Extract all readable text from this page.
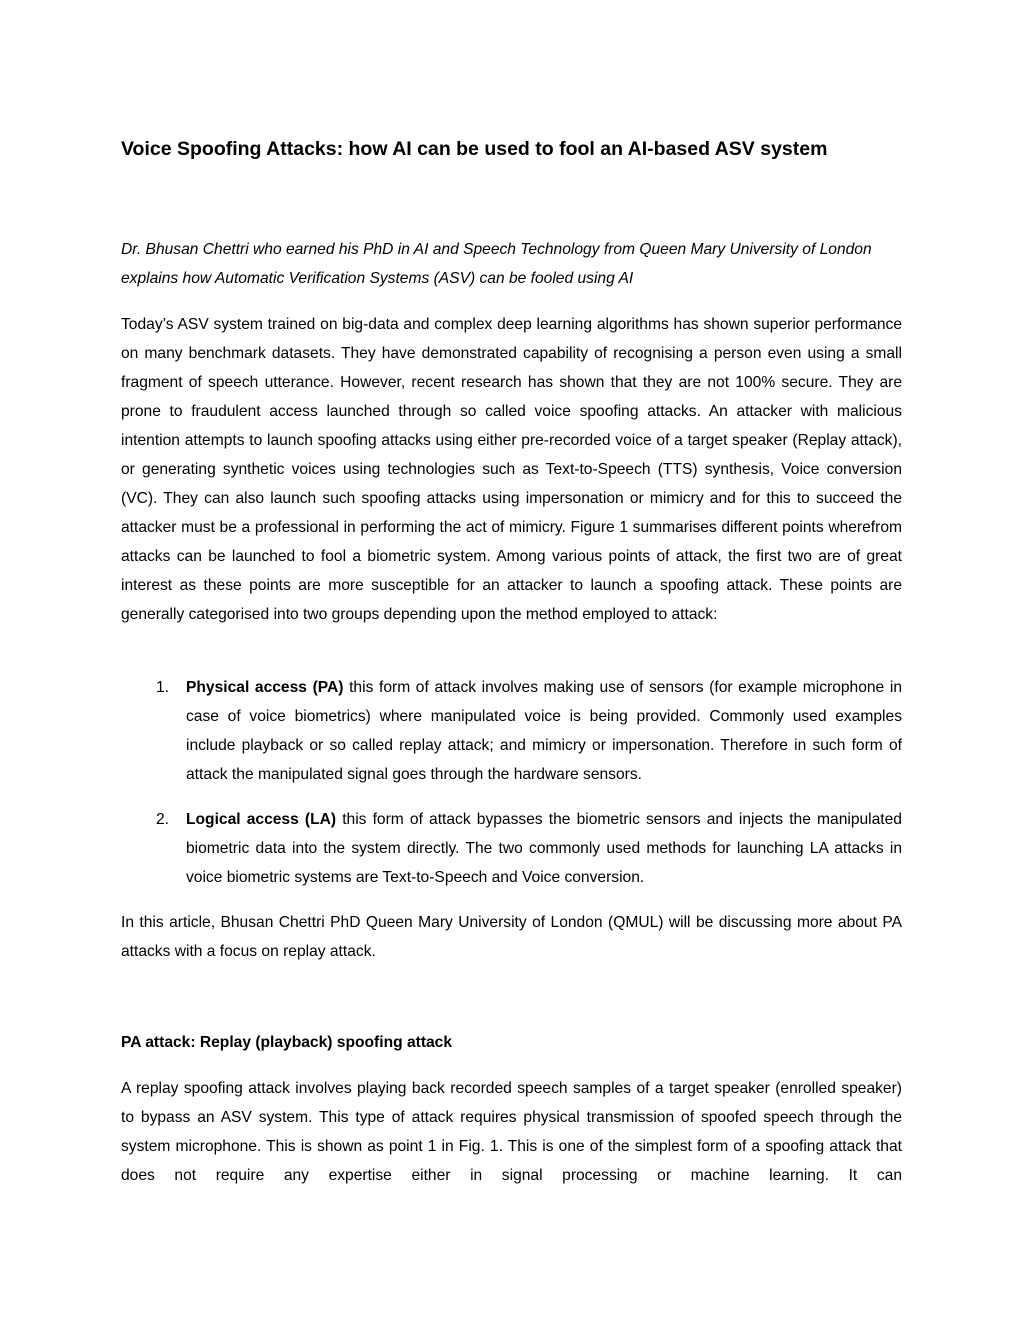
Voice Spoofing Attacks: how AI can be used to fool an AI-based ASV system

Dr. Bhusan Chettri who earned his PhD in AI and Speech Technology from Queen Mary University of London explains how Automatic Verification Systems (ASV) can be fooled using AI

Today’s ASV system trained on big-data and complex deep learning algorithms has shown superior performance on many benchmark datasets. They have demonstrated capability of recognising a person even using a small fragment of speech utterance. However, recent research has shown that they are not 100% secure. They are prone to fraudulent access launched through so called voice spoofing attacks. An attacker with malicious intention attempts to launch spoofing attacks using either pre-recorded voice of a target speaker (Replay attack), or generating synthetic voices using technologies such as Text-to-Speech (TTS) synthesis, Voice conversion (VC). They can also launch such spoofing attacks using impersonation or mimicry and for this to succeed the attacker must be a professional in performing the act of mimicry. Figure 1 summarises different points wherefrom attacks can be launched to fool a biometric system. Among various points of attack, the first two are of great interest as these points are more susceptible for an attacker to launch a spoofing attack. These points are generally categorised into two groups depending upon the method employed to attack:

1. Physical access (PA) this form of attack involves making use of sensors (for example microphone in case of voice biometrics) where manipulated voice is being provided. Commonly used examples include playback or so called replay attack; and mimicry or impersonation. Therefore in such form of attack the manipulated signal goes through the hardware sensors.
2. Logical access (LA) this form of attack bypasses the biometric sensors and injects the manipulated biometric data into the system directly. The two commonly used methods for launching LA attacks in voice biometric systems are Text-to-Speech and Voice conversion.

In this article, Bhusan Chettri PhD Queen Mary University of London (QMUL) will be discussing more about PA attacks with a focus on replay attack.

PA attack: Replay (playback) spoofing attack

A replay spoofing attack involves playing back recorded speech samples of a target speaker (enrolled speaker) to bypass an ASV system. This type of attack requires physical transmission of spoofed speech through the system microphone. This is shown as point 1 in Fig. 1. This is one of the simplest form of a spoofing attack that does not require any expertise either in signal processing or machine learning. It can
